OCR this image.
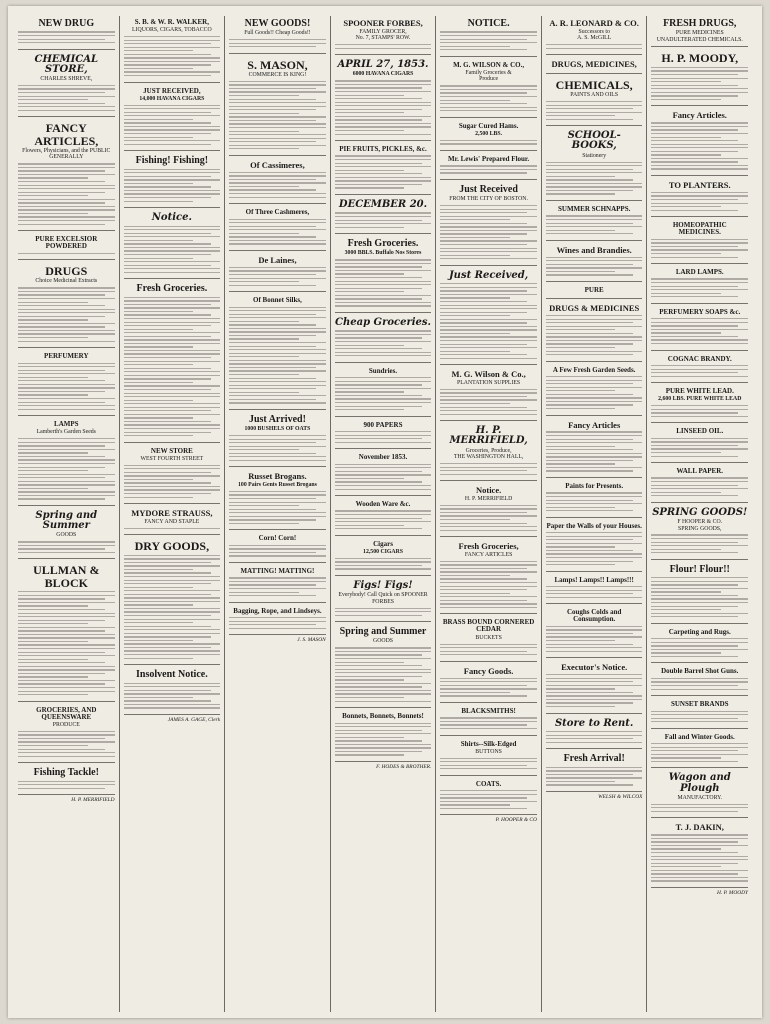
NEW DRUG
CHEMICAL STORE,
CHARLES SHREVE,
FANCY ARTICLES,
Flowers, Physicians, and the PUBLIC GENERALLY
PURE EXCELSIOR POWDERED
DRUGS
Choice Medicinal Extracts
PERFUMERY
LAMPS
Lamberth's Garden Seeds
Spring and Summer
GOODS
ULLMAN & BLOCK
GROCERIES, AND QUEENSWARE
PRODUCE
Fishing Tackle!
H. P. MERRIFIELD
S. B. & W. R. WALKER,
LIQUORS, CIGARS, TOBACCO
JUST RECEIVED,
14,000 HAVANA CIGARS
Fishing! Fishing!
Notice.
Fresh Groceries.
NEW STORE
WEST FOURTH STREET
MYDORE STRAUSS,
FANCY AND STAPLE
DRY GOODS,
Insolvent Notice.
JAMES A. GAGE, Clerk
NEW GOODS!
Full Goods!! Cheap Goods!!
S. MASON,
COMMERCE IS KING!
Of Cassimeres,
Of Three Cashmeres,
De Laines,
Of Bonnet Silks,
Just Arrived!
1000 BUSHELS OF OATS
Russet Brogans.
100 Pairs Gents Russet Brogans
Corn! Corn!
MATTING! MATTING!
Bagging, Rope, and Lindseys.
J. S. MASON
SPOONER FORBES,
FAMILY GROCER,
No. 7, STAMPS' ROW.
APRIL 27, 1853.
6000 HAVANA CIGARS
PIE FRUITS, PICKLES, &c.
DECEMBER 20.
Fresh Groceries.
3000 BBLS. Buffalo Nos Stores
Cheap Groceries.
Sundries.
900 PAPERS
November 1853.
Wooden Ware &c.
Cigars
12,500 CIGARS
Figs! Figs!
Everybody! Call Quick on SPOONER FORBES
Spring and Summer
GOODS
Bonnets, Bonnets, Bonnets!
F. HODES & BROTHER.
NOTICE.
M. G. WILSON & CO.,
Family Groceries &
Produce
Sugar Cured Hams.
2,500 LBS.
Mr. Lewis' Prepared Flour.
Just Received
FROM THE CITY OF BOSTON.
Just Received,
M. G. Wilson & Co.,
PLANTATION SUPPLIES
H. P. MERRIFIELD,
Groceries, Produce,
THE WASHINGTON HALL,
Notice.
H. P. MERRIFIELD
Fresh Groceries,
FANCY ARTICLES
BRASS BOUND CORNERED CEDAR
BUCKETS
Fancy Goods.
BLACKSMITHS!
Shirts--Silk-Edged
BUTTONS
COATS.
P. HOOPER & CO
A. R. LEONARD & CO.
Successors to
A. S. McGILL
DRUGS, MEDICINES,
CHEMICALS,
PAINTS AND OILS
SCHOOL-BOOKS,
Stationery
SUMMER SCHNAPPS.
Wines and Brandies.
PURE
DRUGS & MEDICINES
A Few Fresh Garden Seeds.
Fancy Articles
Paints for Presents.
Paper the Walls of your Houses.
Lamps! Lamps!! Lamps!!!
Coughs Colds and Consumption.
Executor's Notice.
Store to Rent.
Fresh Arrival!
WELSH & WILCOX
FRESH DRUGS,
PURE MEDICINES
UNADULTERATED CHEMICALS.
H. P. MOODY,
Fancy Articles.
TO PLANTERS.
HOMEOPATHIC MEDICINES.
LARD LAMPS.
PERFUMERY SOAPS &c.
COGNAC BRANDY.
PURE WHITE LEAD.
2,600 LBS. PURE WHITE LEAD
LINSEED OIL.
WALL PAPER.
SPRING GOODS!
F HOOPER & CO.
SPRING GOODS,
Flour! Flour!!
Carpeting and Rugs.
Double Barrel Shot Guns.
SUNSET BRANDS
Fall and Winter Goods.
Wagon and Plough
MANUFACTORY.
T. J. DAKIN,
H. P. MOODY
